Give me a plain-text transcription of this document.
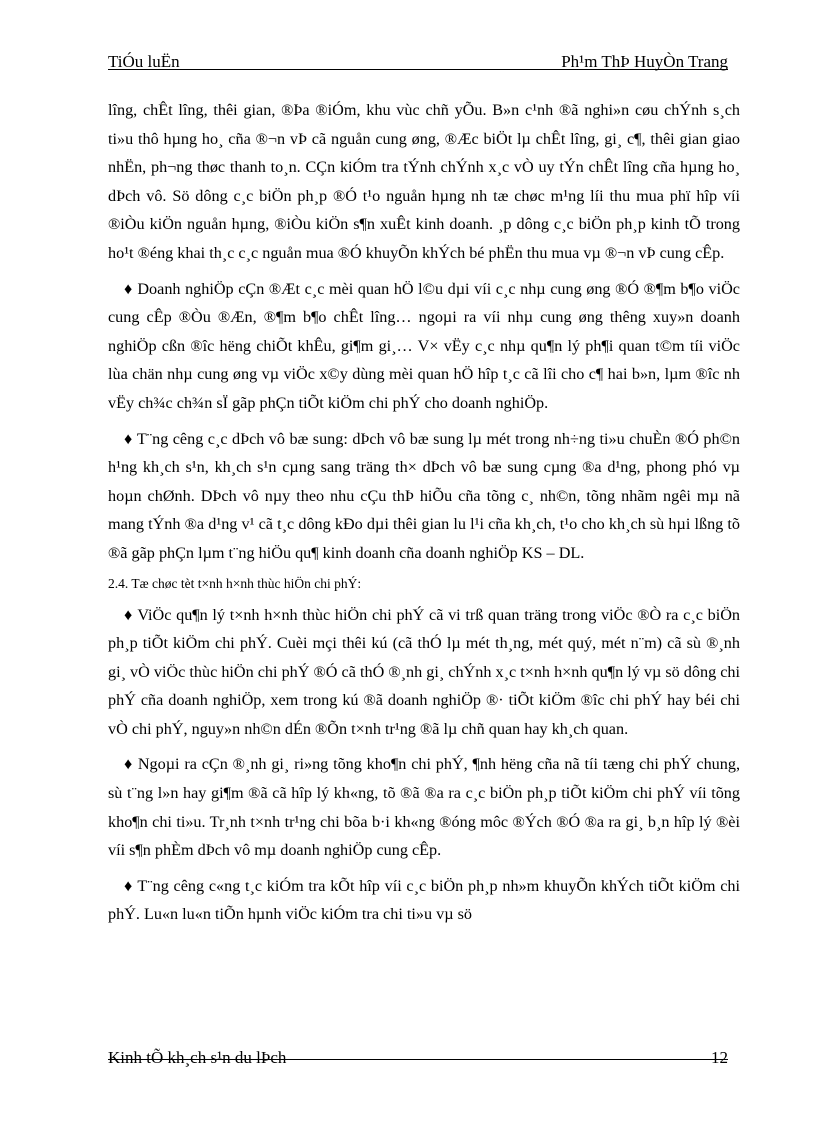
TiÓu luËn	Ph¹m ThÞ HuyÒn Trang

lîng, chÊt lîng, thêi gian, ®Þa ®iÓm, khu vùc chñ yÕu. B»n c¹nh ®ã nghi»n cøu chÝnh s¸ch ti»u thô hµng ho¸ cña ®¬n vÞ cã nguån cung øng, ®Æc biÖt lµ chÊt lîng, gi¸ c¶, thêi gian giao nhËn, ph¬ng thøc thanh to¸n. CÇn kiÓm tra tÝnh chÝnh x¸c vÒ uy tÝn chÊt lîng cña hµng ho¸ dÞch vô. Sö dông c¸c biÖn ph¸p ®Ó t¹o nguån hµng nh tæ chøc m¹ng líi thu mua phï hîp víi ®iÒu kiÖn nguån hµng, ®iÒu kiÖn s¶n xuÊt kinh doanh. ¸p dông c¸c biÖn ph¸p kinh tÕ trong ho¹t ®éng khai th¸c c¸c nguån mua ®Ó khuyÕn khÝch bé phËn thu mua vµ ®¬n vÞ cung cÊp.

♦ Doanh nghiÖp cÇn ®Æt c¸c mèi quan hÖ l©u dµi víi c¸c nhµ cung øng ®Ó ®¶m b¶o viÖc cung cÊp ®Òu ®Æn, ®¶m b¶o chÊt lîng… ngoµi ra víi nhµ cung øng thêng xuy»n doanh nghiÖp cßn ®îc hëng chiÕt khÊu, gi¶m gi¸… V× vËy c¸c nhµ qu¶n lý ph¶i quan t©m tíi viÖc lùa chän nhµ cung øng vµ viÖc x©y dùng mèi quan hÖ hîp t¸c cã lîi cho c¶ hai b»n, lµm ®îc nh vËy ch¾c ch¾n sÏ gãp phÇn tiÕt kiÖm chi phÝ cho doanh nghiÖp.

♦ T¨ng cêng c¸c dÞch vô bæ sung: dÞch vô bæ sung lµ mét trong nh÷ng ti»u chuÈn ®Ó ph©n h¹ng kh¸ch s¹n, kh¸ch s¹n cµng sang träng th× dÞch vô bæ sung cµng ®a d¹ng, phong phó vµ hoµn chØnh. DÞch vô nµy theo nhu cÇu thÞ hiÕu cña tõng c¸ nh©n, tõng nhãm ngêi mµ nã mang tÝnh ®a d¹ng v¹ cã t¸c dông kÐo dµi thêi gian lu l¹i cña kh¸ch, t¹o cho kh¸ch sù hµi lßng tõ ®ã gãp phÇn lµm t¨ng hiÖu qu¶ kinh doanh cña doanh nghiÖp KS – DL.

2.4. Tæ chøc tèt t×nh h×nh thùc hiÖn chi phÝ:

♦ ViÖc qu¶n lý t×nh h×nh thùc hiÖn chi phÝ cã vi trß quan träng trong viÖc ®Ò ra c¸c biÖn ph¸p tiÕt kiÖm chi phÝ. Cuèi mçi thêi kú (cã thÓ lµ mét th¸ng, mét quý, mét n¨m) cã sù ®¸nh gi¸ vÒ viÖc thùc hiÖn chi phÝ ®Ó cã thÓ ®¸nh gi¸ chÝnh x¸c t×nh h×nh qu¶n lý vµ sö dông chi phÝ cña doanh nghiÖp, xem trong kú ®ã doanh nghiÖp ®· tiÕt kiÖm ®îc chi phÝ hay béi chi vÒ chi phÝ, nguy»n nh©n dÉn ®Õn t×nh tr¹ng ®ã lµ chñ quan hay kh¸ch quan.

♦ Ngoµi ra cÇn ®¸nh gi¸ ri»ng tõng kho¶n chi phÝ, ¶nh hëng cña nã tíi tæng chi phÝ chung, sù t¨ng l»n hay gi¶m ®ã cã hîp lý kh«ng, tõ ®ã ®a ra c¸c biÖn ph¸p tiÕt kiÖm chi phÝ víi tõng kho¶n chi ti»u. Tr¸nh t×nh tr¹ng chi bõa b·i kh«ng ®óng môc ®Ých ®Ó ®a ra gi¸ b¸n hîp lý ®èi víi s¶n phÈm dÞch vô mµ doanh nghiÖp cung cÊp.

♦ T¨ng cêng c«ng t¸c kiÓm tra kÕt hîp víi c¸c biÖn ph¸p nh»m khuyÕn khÝch tiÕt kiÖm chi phÝ. Lu«n lu«n tiÕn hµnh viÖc kiÓm tra chi ti»u vµ sö

Kinh tÕ kh¸ch s¹n du lÞch	12
